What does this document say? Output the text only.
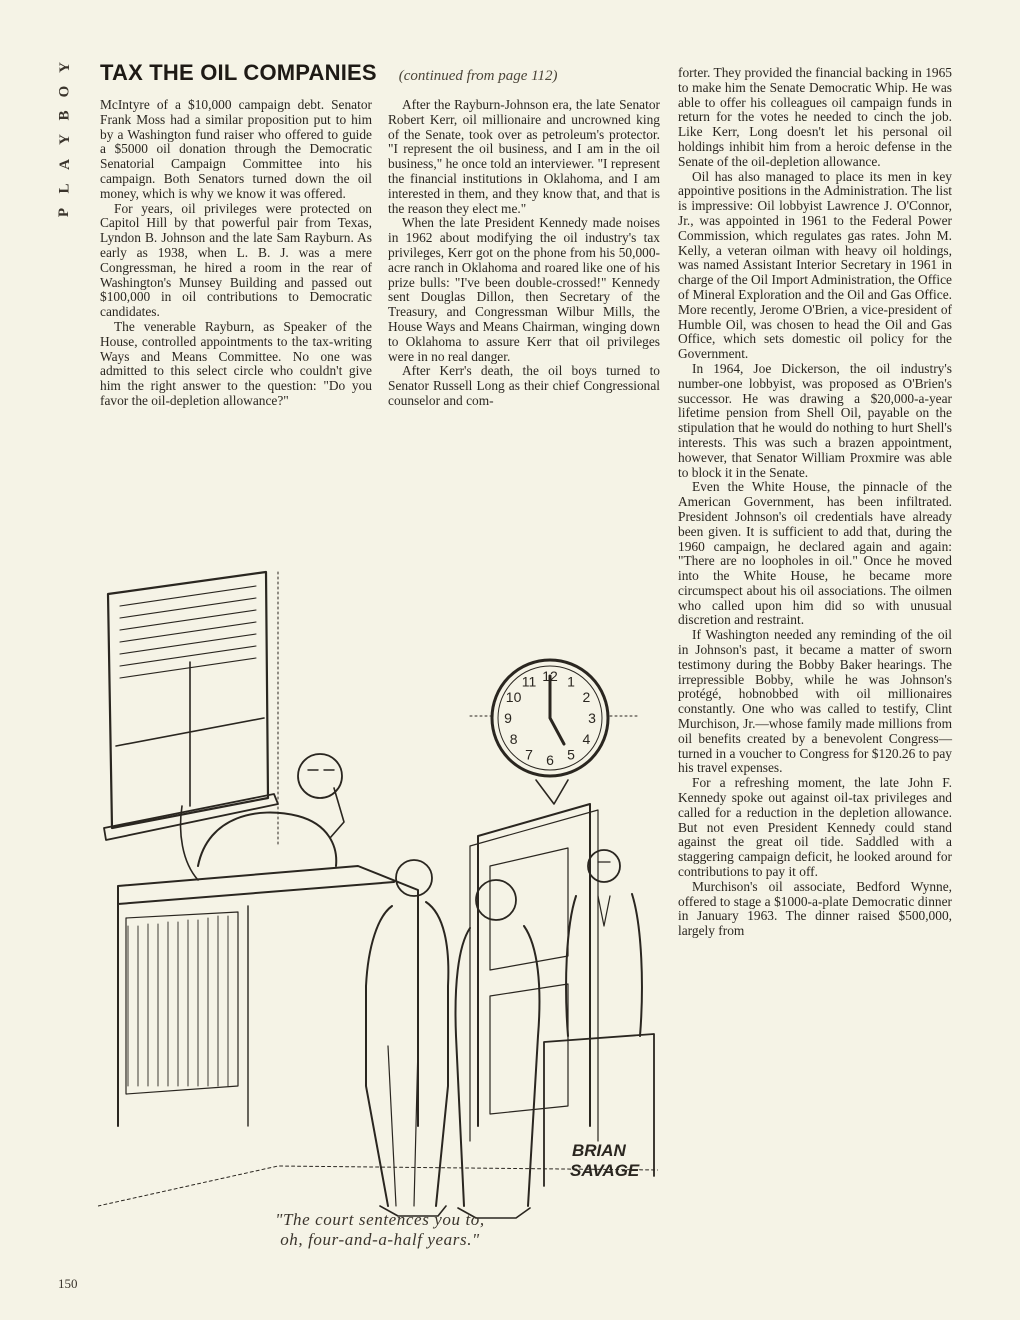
Y
O
B
Y
A
L
P
TAX THE OIL COMPANIES (continued from page 112)

McIntyre of a $10,000 campaign debt. Senator Frank Moss had a similar proposition put to him by a Washington fund raiser who offered to guide a $5000 oil donation through the Democratic Senatorial Campaign Committee into his campaign. Both Senators turned down the oil money, which is why we know it was offered.

For years, oil privileges were protected on Capitol Hill by that powerful pair from Texas, Lyndon B. Johnson and the late Sam Rayburn. As early as 1938, when L. B. J. was a mere Congressman, he hired a room in the rear of Washington's Munsey Building and passed out $100,000 in oil contributions to Democratic candidates.

The venerable Rayburn, as Speaker of the House, controlled appointments to the tax-writing Ways and Means Committee. No one was admitted to this select circle who couldn't give him the right answer to the question: "Do you favor the oil-depletion allowance?"

After the Rayburn-Johnson era, the late Senator Robert Kerr, oil millionaire and uncrowned king of the Senate, took over as petroleum's protector. "I represent the oil business, and I am in the oil business," he once told an interviewer. "I represent the financial institutions in Oklahoma, and I am interested in them, and they know that, and that is the reason they elect me."

When the late President Kennedy made noises in 1962 about modifying the oil industry's tax privileges, Kerr got on the phone from his 50,000-acre ranch in Oklahoma and roared like one of his prize bulls: "I've been double-crossed!" Kennedy sent Douglas Dillon, then Secretary of the Treasury, and Congressman Wilbur Mills, the House Ways and Means Chairman, winging down to Oklahoma to assure Kerr that oil privileges were in no real danger.

After Kerr's death, the oil boys turned to Senator Russell Long as their chief Congressional counselor and com-

forter. They provided the financial backing in 1965 to make him the Senate Democratic Whip. He was able to offer his colleagues oil campaign funds in return for the votes he needed to cinch the job. Like Kerr, Long doesn't let his personal oil holdings inhibit him from a heroic defense in the Senate of the oil-depletion allowance.

Oil has also managed to place its men in key appointive positions in the Administration. The list is impressive: Oil lobbyist Lawrence J. O'Connor, Jr., was appointed in 1961 to the Federal Power Commission, which regulates gas rates. John M. Kelly, a veteran oilman with heavy oil holdings, was named Assistant Interior Secretary in 1961 in charge of the Oil Import Administration, the Office of Mineral Exploration and the Oil and Gas Office. More recently, Jerome O'Brien, a vice-president of Humble Oil, was chosen to head the Oil and Gas Office, which sets domestic oil policy for the Government.

In 1964, Joe Dickerson, the oil industry's number-one lobbyist, was proposed as O'Brien's successor. He was drawing a $20,000-a-year lifetime pension from Shell Oil, payable on the stipulation that he would do nothing to hurt Shell's interests. This was such a brazen appointment, however, that Senator William Proxmire was able to block it in the Senate.

Even the White House, the pinnacle of the American Government, has been infiltrated. President Johnson's oil credentials have already been given. It is sufficient to add that, during the 1960 campaign, he declared again and again: "There are no loopholes in oil." Once he moved into the White House, he became more circumspect about his oil associations. The oilmen who called upon him did so with unusual discretion and restraint.

If Washington needed any reminding of the oil in Johnson's past, it became a matter of sworn testimony during the Bobby Baker hearings. The irrepressible Bobby, while he was Johnson's protégé, hobnobbed with oil millionaires constantly. One who was called to testify, Clint Murchison, Jr.—whose family made millions from oil benefits created by a benevolent Congress—turned in a voucher to Congress for $120.26 to pay his travel expenses.

For a refreshing moment, the late John F. Kennedy spoke out against oil-tax privileges and called for a reduction in the depletion allowance. But not even President Kennedy could stand against the great oil tide. Saddled with a staggering campaign deficit, he looked around for contributions to pay it off.

Murchison's oil associate, Bedford Wynne, offered to stage a $1000-a-plate Democratic dinner in January 1963. The dinner raised $500,000, largely from

12 1
2
3
4
5
6
7
8
9
10
11
BRIAN
SAVAGE
"The court sentences you to,
oh, four-and-a-half years."
150
